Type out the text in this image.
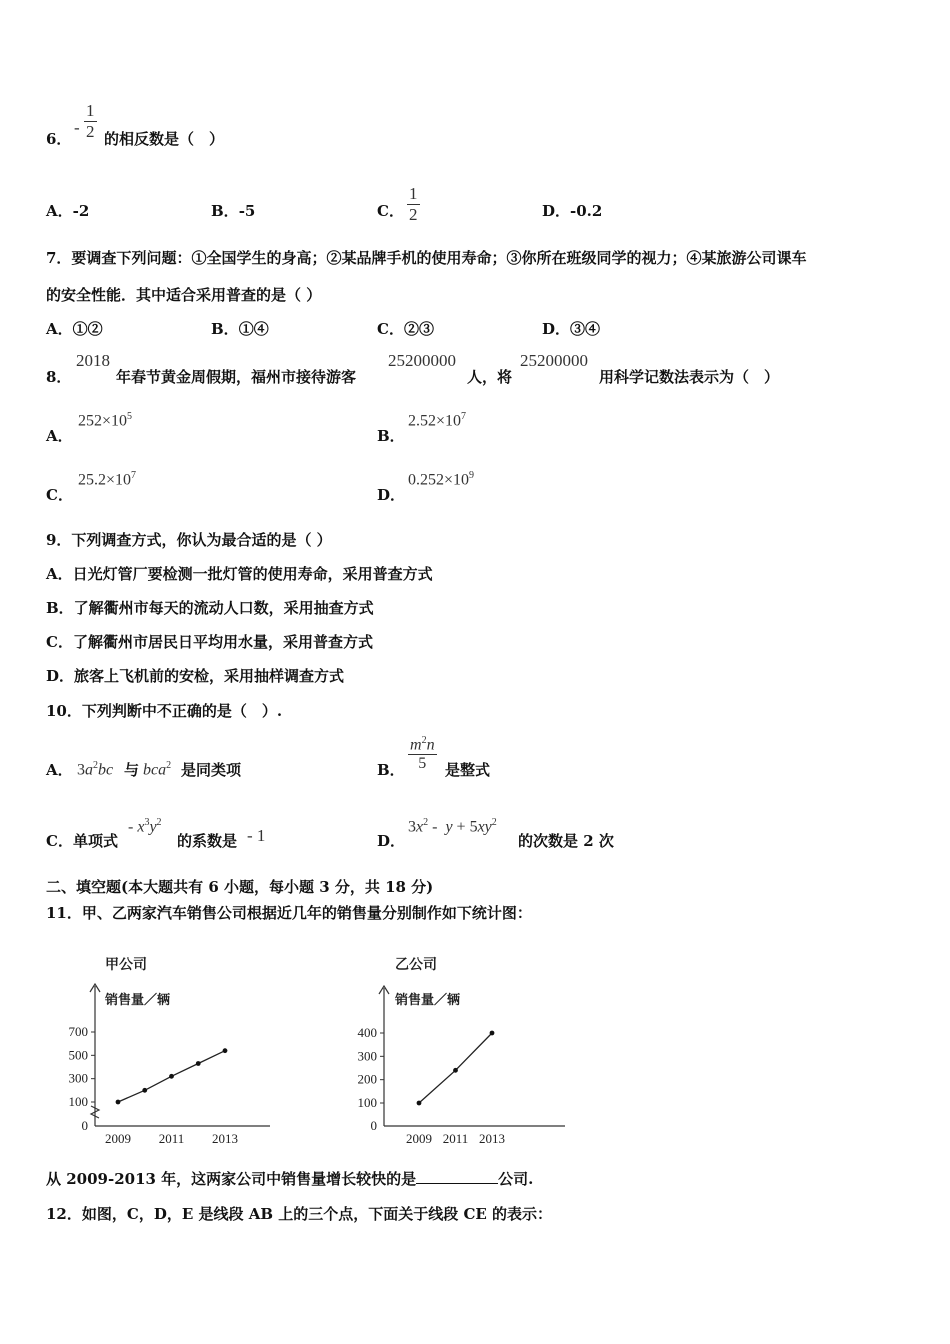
6．
- $\frac{1}{2}$ 的相反数是（　）
A．-2	B．-5	C． $\frac{1}{2}$	D．-0.2
7．要调查下列问题：①全国学生的身高；②某品牌手机的使用寿命；③你所在班级同学的视力；④某旅游公司课车
的安全性能．其中适合采用普查的是（ ）
A．①②	B．①④	C．②③	D．③④
8．
2018
年春节黄金周假期，福州市接待游客
25200000
人，将
25200000
用科学记数法表示为（　）
A．
$252\times 10^5$
B．
$2.52\times 10^7$
C．
$25.2\times 10^7$
D．
$0.252\times 10^9$
9．下列调查方式，你认为最合适的是（ ）
A．日光灯管厂要检测一批灯管的使用寿命，采用普查方式
B．了解衢州市每天的流动人口数，采用抽查方式
C．了解衢州市居民日平均用水量，采用普查方式
D．旅客上飞机前的安检，采用抽样调查方式
10．下列判断中不正确的是（　）.
A． $3a^2bc$ 与 bca$^2$ 是同类项	B． $\frac{m^2n}{5}$ 是整式
C．单项式
- $x^3y^2$
的系数是 - 1	D．
$3x^2 - y + 5xy^2$
的次数是 2 次
二、填空题(本大题共有 6 小题，每小题 3 分，共 18 分)
11．甲、乙两家汽车销售公司根据近几年的销售量分别制作如下统计图：
甲公司
销售量／辆
0
100
300
500
700
2009 2011 2013
乙公司
销售量／辆
0
100
200
300
400
2009 2011 2013
从 2009-2013 年，这两家公司中销售量增长较快的是	公司.
12．如图，C，D，E 是线段 AB 上的三个点，下面关于线段 CE 的表示：
